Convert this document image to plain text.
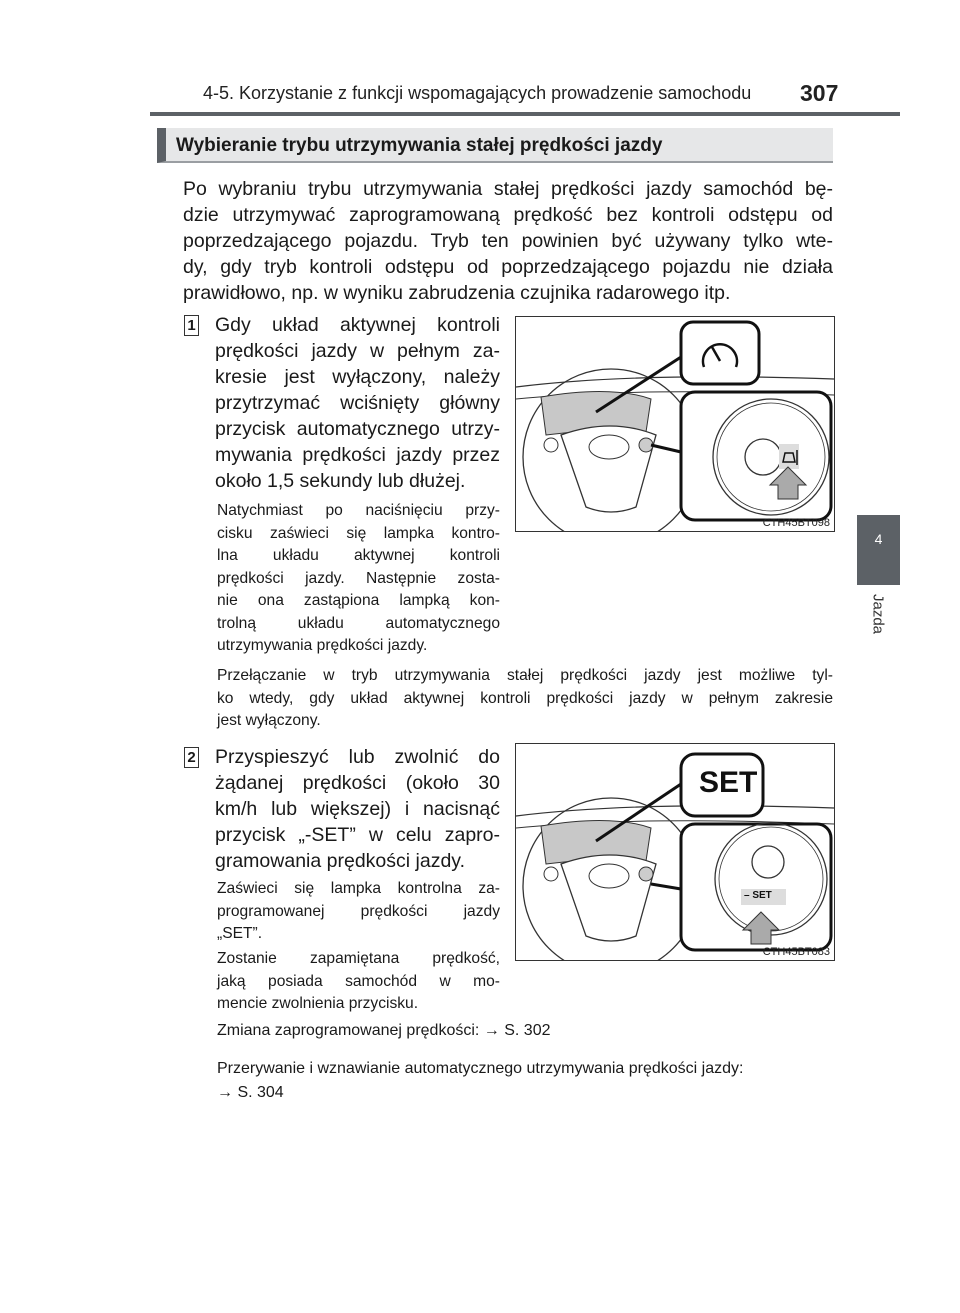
4-5. Korzystanie z funkcji wspomagających prowadzenie samochodu 307
4
Jazda
Wybieranie trybu utrzymywania stałej prędkości jazdy
Po wybraniu trybu utrzymywania stałej prędkości jazdy samochód bę-
dzie utrzymywać zaprogramowaną prędkość bez kontroli odstępu od
poprzedzającego pojazdu. Tryb ten powinien być używany tylko wte-
dy, gdy tryb kontroli odstępu od poprzedzającego pojazdu nie działa
prawidłowo, np. w wyniku zabrudzenia czujnika radarowego itp.
1 Gdy układ aktywnej kontroli
prędkości jazdy w pełnym za-
kresie jest wyłączony, należy
przytrzymać wciśnięty główny
przycisk automatycznego utrzy-
mywania prędkości jazdy przez
około 1,5 sekundy lub dłużej.
Natychmiast po naciśnięciu przy-
cisku zaświeci się lampka kontro-
lna układu aktywnej kontroli
prędkości jazdy. Następnie zosta-
nie ona zastąpiona lampką kon-
trolną układu automatycznego
utrzymywania prędkości jazdy.
CTH45BT098
Przełączanie w tryb utrzymywania stałej prędkości jazdy jest możliwe tyl-
ko wtedy, gdy układ aktywnej kontroli prędkości jazdy w pełnym zakresie
jest wyłączony.
2 Przyspieszyć lub zwolnić do
żądanej prędkości (około 30
km/h lub większej) i nacisnąć
przycisk „-SET” w celu zapro-
gramowania prędkości jazdy.
Zaświeci się lampka kontrolna za-
programowanej prędkości jazdy
„SET”.
Zostanie zapamiętana prędkość,
jaką posiada samochód w mo-
mencie zwolnienia przycisku.
SET
– SET
CTH45BT083
Zmiana zaprogramowanej prędkości: → S. 302
Przerywanie i wznawianie automatycznego utrzymywania prędkości jazdy:
→ S. 304
